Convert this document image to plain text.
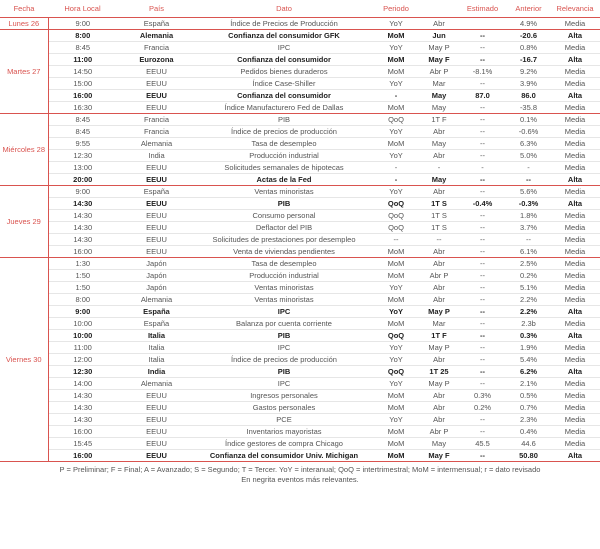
Fecha	Hora Local	País	Dato	Periodo		Estimado	Anterior	Relevancia
Lunes 26	9:00	España	Índice de Precios de Producción	YoY	Abr		4.9%	Media
Martes 27	8:00	Alemania	Confianza del consumidor GFK	MoM	Jun	--	-20.6	Alta
	8:45	Francia	IPC	YoY	May P	--	0.8%	Media
	11:00	Eurozona	Confianza del consumidor	MoM	May F	--	-16.7	Alta
	14:50	EEUU	Pedidos bienes duraderos	MoM	Abr P	-8.1%	9.2%	Media
	15:00	EEUU	Índice Case-Shiller	YoY	Mar	--	3.9%	Media
	16:00	EEUU	Confianza del consumidor	-	May	87.0	86.0	Alta
	16:30	EEUU	Índice Manufacturero Fed de Dallas	MoM	May	--	-35.8	Media
Miércoles 28	8:45	Francia	PIB	QoQ	1T F	--	0.1%	Media
	8:45	Francia	Índice de precios de producción	YoY	Abr	--	-0.6%	Media
	9:55	Alemania	Tasa de desempleo	MoM	May	--	6.3%	Media
	12:30	India	Producción industrial	YoY	Abr	--	5.0%	Media
	13:00	EEUU	Solicitudes semanales de hipotecas	-	-	-	-	Media
	20:00	EEUU	Actas de la Fed	-	May	--	--	Alta
Jueves 29	9:00	España	Ventas minoristas	YoY	Abr	--	5.6%	Media
	14:30	EEUU	PIB	QoQ	1T S	-0.4%	-0.3%	Alta
	14:30	EEUU	Consumo personal	QoQ	1T S	--	1.8%	Media
	14:30	EEUU	Deflactor del PIB	QoQ	1T S	--	3.7%	Media
	14:30	EEUU	Solicitudes de prestaciones por desempleo	--	--	--	--	Media
	16:00	EEUU	Venta de viviendas pendientes	MoM	Abr	--	6.1%	Media
Viernes 30	1:30	Japón	Tasa de desempleo	MoM	Abr	--	2.5%	Media
	1:50	Japón	Producción industrial	MoM	Abr P	--	0.2%	Media
	1:50	Japón	Ventas minoristas	YoY	Abr	--	5.1%	Media
	8:00	Alemania	Ventas minoristas	MoM	Abr	--	2.2%	Media
	9:00	España	IPC	YoY	May P	--	2.2%	Alta
	10:00	España	Balanza por cuenta corriente	MoM	Mar	--	2.3b	Media
	10:00	Italia	PIB	QoQ	1T F	--	0.3%	Alta
	11:00	Italia	IPC	YoY	May P	--	1.9%	Media
	12:00	Italia	Índice de precios de producción	YoY	Abr	--	5.4%	Media
	12:30	India	PIB	QoQ	1T 25	--	6.2%	Alta
	14:00	Alemania	IPC	YoY	May P	--	2.1%	Media
	14:30	EEUU	Ingresos personales	MoM	Abr	0.3%	0.5%	Media
	14:30	EEUU	Gastos personales	MoM	Abr	0.2%	0.7%	Media
	14:30	EEUU	PCE	YoY	Abr	--	2.3%	Media
	16:00	EEUU	Inventarios mayoristas	MoM	Abr P	--	0.4%	Media
	15:45	EEUU	Índice gestores de compra Chicago	MoM	May	45.5	44.6	Media
	16:00	EEUU	Confianza del consumidor Univ. Michigan	MoM	May F	--	50.80	Alta
P = Preliminar; F = Final; A = Avanzado; S = Segundo; T = Tercer. YoY = interanual; QoQ = intertrimestral; MoM = intermensual; r = dato revisado
En negrita eventos más relevantes.
